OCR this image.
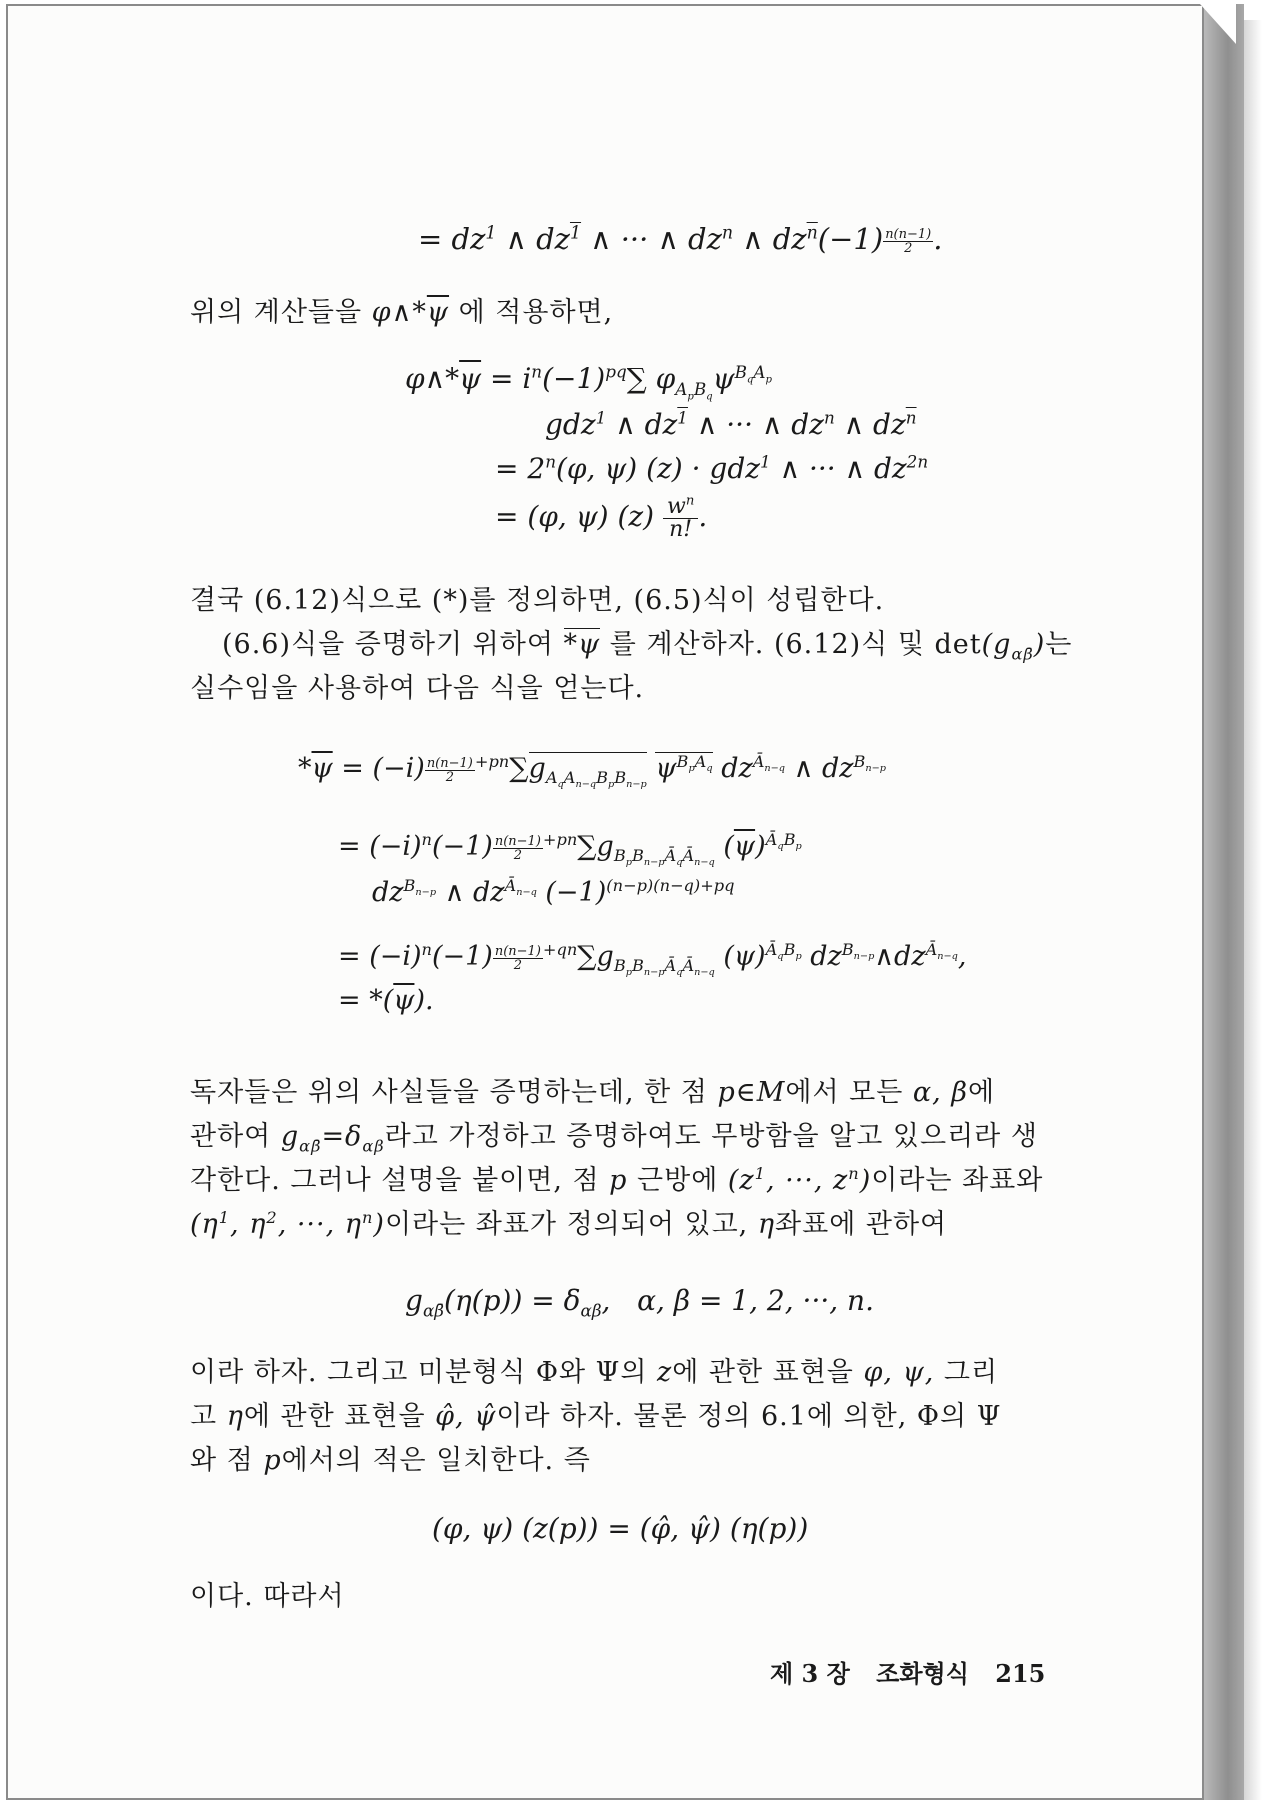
= $dz^1$ ∧ $dz^1$ ∧ ··· ∧ $dz^n$ ∧ $dz^{\overline{n}}(-1) \frac{n(n-1)}{2}$ .
위의 계산들을 $\varphi\wedge*\overline{\psi}$ 에 적용하면,
$\varphi\wedge*\overline{\psi} = i^n(-1)^{pq}\sum$ $\varphi_{A_pB_q}\psi^{B_qA_p}$
gdz$^1$ ∧ $dz^1$ ∧ ··· ∧ $dz^n$ ∧ $dz^{\overline{n}}$
= $2^n(\varphi$, ψ) (z) · gdz$^1$ ∧ ··· ∧ $dz^{2n}$
= (φ, ψ) $(z) \frac{w^n}{n!}$ .
결국 (6.12)식으로 (*)를 정의하면, (6.5)식이 성립한다.
(6.6)식을 증명하기 위하여 *ψ 를 계산하자. (6.12)식 및 $\det(g_{\alpha\betā})$는
실수임을 사용하여 다음 식을 얻는다.
$*\overline{\psi} = (-i) \frac{n(n-1)}{2} ^{+pn}\sum g_{A_qA_{n-q}B_pB_{n-p}}$ $\psi^{B_pA_q}$ $dz^{Ā_{n-q}}$ ∧ $dz^{B_{n-p}}$
= $(-i)^n(-1) \frac{n(n-1)}{2} ^{+pn}\sum g_{B_pB_{n-p}Ā_qĀ_{n-q}}$ $(\overline{\psi})^{Ā_qB_p}$
$dz^{B_{n-p}}$ ∧ $dz^{Ā_{n-q}}$ $(-1)^{(n-p)(n-q)+pq}$
= $(-i)^n(-1) \frac{n(n-1)}{2} ^{+qn}\sum g_{B_pB_{n-p}Ā_qĀ_{n-q}}$ $(\psi)^{Ā_qB_p}$ $dz^{B_{n-p}}\wedge dz^{Ā_{n-q}}$,
= $*(\overline{\psi})$.
독자들은 위의 사실들을 증명하는데, 한 점 p∈M에서 모든 α, β에
관하여 $g_{\alpha\betā}=\delta_{\alpha\beta}$라고 가정하고 증명하여도 무방함을 알고 있으리라 생
각한다. 그러나 설명을 붙이면, 점 p 근방에 ($z^1$, ···, $z^n$)이라는 좌표와
($\eta^1$, $\eta^2$, ···, $\eta^n$)이라는 좌표가 정의되어 있고, η좌표에 관하여
$g_{\alpha\betā}(\eta(p)) = \delta_{\alpha\beta}$,   α, β = 1, 2, ···, n.
이라 하자. 그리고 미분형식 Φ와 Ψ의 z에 관한 표현을 φ, ψ, 그리
고 η에 관한 표현을 φ̂, ψ̂이라 하자. 물론 정의 6.1에 의한, Φ의 Ψ
와 점 p에서의 적은 일치한다. 즉
(φ, ψ) (z(p)) = (φ̂, ψ̂) (η(p))
이다. 따라서
제 3 장 조화형식 215
